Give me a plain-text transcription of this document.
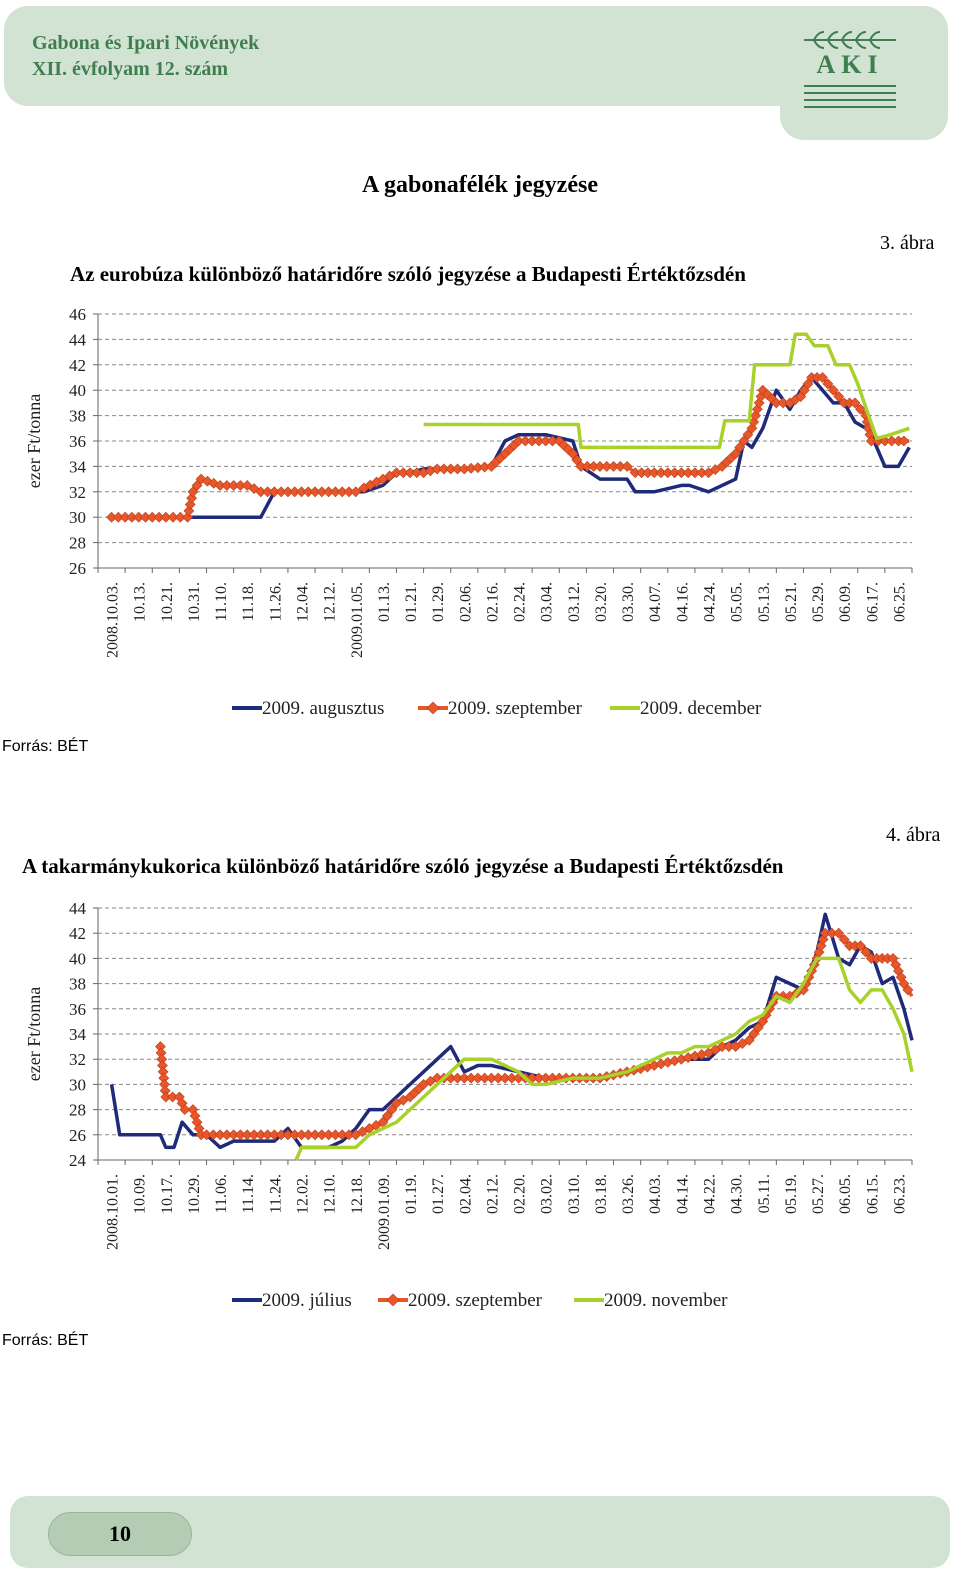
Gabona és Ipari Növények
XII. évfolyam 12. szám	AKI
A gabonafélék jegyzése
3. ábra
Az eurobúza különböző határidőre szóló jegyzése a Budapesti Értéktőzsdén
26
28
30
32
34
36
38
40
42
44
46
ezer Ft/tonna
2008.10.03. 10.13. 10.21. 10.31. 11.10. 11.18. 11.26. 12.04. 12.12. 2009.01.05. 01.13. 01.21. 01.29. 02.06. 02.16. 02.24. 03.04. 03.12. 03.20. 03.30. 04.07. 04.16. 04.24. 05.05. 05.13. 05.21. 05.29. 06.09. 06.17. 06.25.
2009. augusztus	2009. szeptember	2009. december
Forrás: BÉT
4. ábra
A takarmánykukorica különböző határidőre szóló jegyzése a Budapesti Értéktőzsdén
24
26
28
30
32
34
36
38
40
42
44
ezer Ft/tonna
2008.10.01. 10.09. 10.17. 10.29. 11.06. 11.14. 11.24. 12.02. 12.10. 12.18. 2009.01.09. 01.19. 01.27. 02.04. 02.12. 02.20. 03.02. 03.10. 03.18. 03.26. 04.03. 04.14. 04.22. 04.30. 05.11. 05.19. 05.27. 06.05. 06.15. 06.23.
2009. július	2009. szeptember	2009. november
Forrás: BÉT
10
